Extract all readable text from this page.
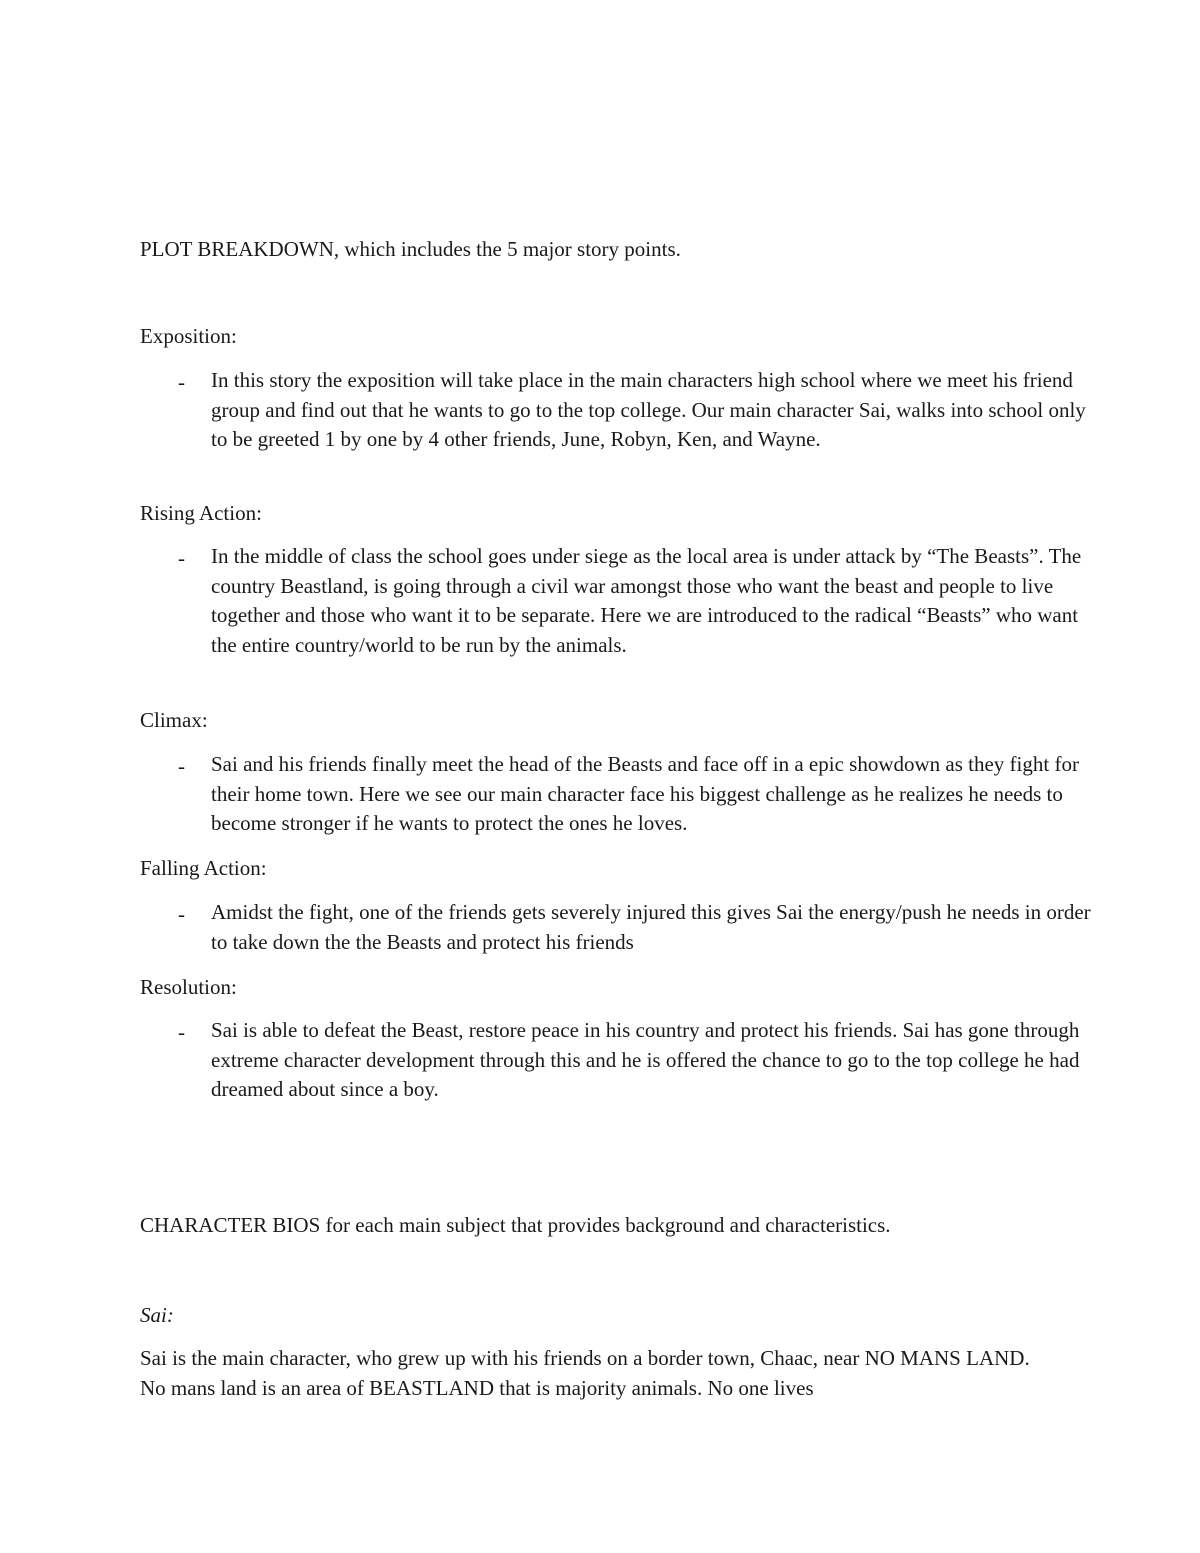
PLOT BREAKDOWN, which includes the 5 major story points.
Exposition:
- In this story the exposition will take place in the main characters high school where we meet his friend group and find out that he wants to go to the top college. Our main character Sai, walks into school only to be greeted 1 by one by 4 other friends, June, Robyn, Ken, and Wayne.
Rising Action:
- In the middle of class the school goes under siege as the local area is under attack by “The Beasts”. The country Beastland, is going through a civil war amongst those who want the beast and people to live together and those who want it to be separate. Here we are introduced to the radical “Beasts” who want the entire country/world to be run by the animals.
Climax:
- Sai and his friends finally meet the head of the Beasts and face off in a epic showdown as they fight for their home town. Here we see our main character face his biggest challenge as he realizes he needs to become stronger if he wants to protect the ones he loves.
Falling Action:
- Amidst the fight, one of the friends gets severely injured this gives Sai the energy/push he needs in order to take down the the Beasts and protect his friends
Resolution:
- Sai is able to defeat the Beast, restore peace in his country and protect his friends. Sai has gone through extreme character development through this and he is offered the chance to go to the top college he had dreamed about since a boy.
CHARACTER BIOS for each main subject that provides background and characteristics.
Sai:
Sai is the main character, who grew up with his friends on a border town, Chaac, near NO MANS LAND. No mans land is an area of BEASTLAND that is majority animals. No one lives
